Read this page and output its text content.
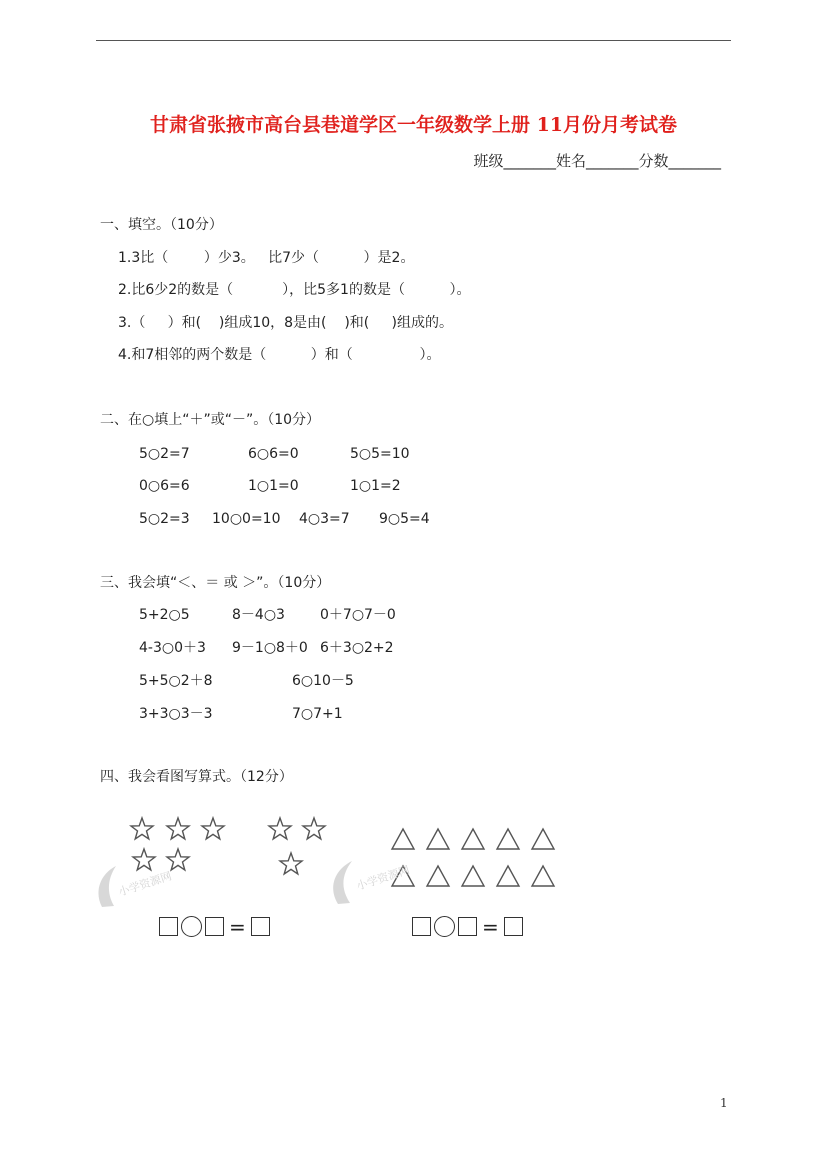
甘肃省张掖市高台县巷道学区一年级数学上册 11月份月考试卷
班级_______姓名_______分数_______
一、填空。（10分）
1.3比（        ）少3。   比7少（          ）是2。
2.比6少2的数是（           ），比5多1的数是（          ）。
3.（     ）和(    )组成10，8是由(    )和(     )组成的。
4.和7相邻的两个数是（          ）和（               ）。
二、在○填上“＋”或“－”。（10分）
5○2=7	6○6=0	5○5=10
0○6=6	1○1=0	1○1=2
5○2=3 10○0=10 4○3=7 9○5=4
三、我会填“＜、＝ 或 ＞”。（10分）
5+2○5	8－4○3	0＋7○7－0
4-3○0＋3 9－1○8＋0 6＋3○2+2
5+5○2＋8	6○10－5
3+3○3－3	7○7+1
四、我会看图写算式。（12分）
小学资源网	小学资源网
=	=
1
